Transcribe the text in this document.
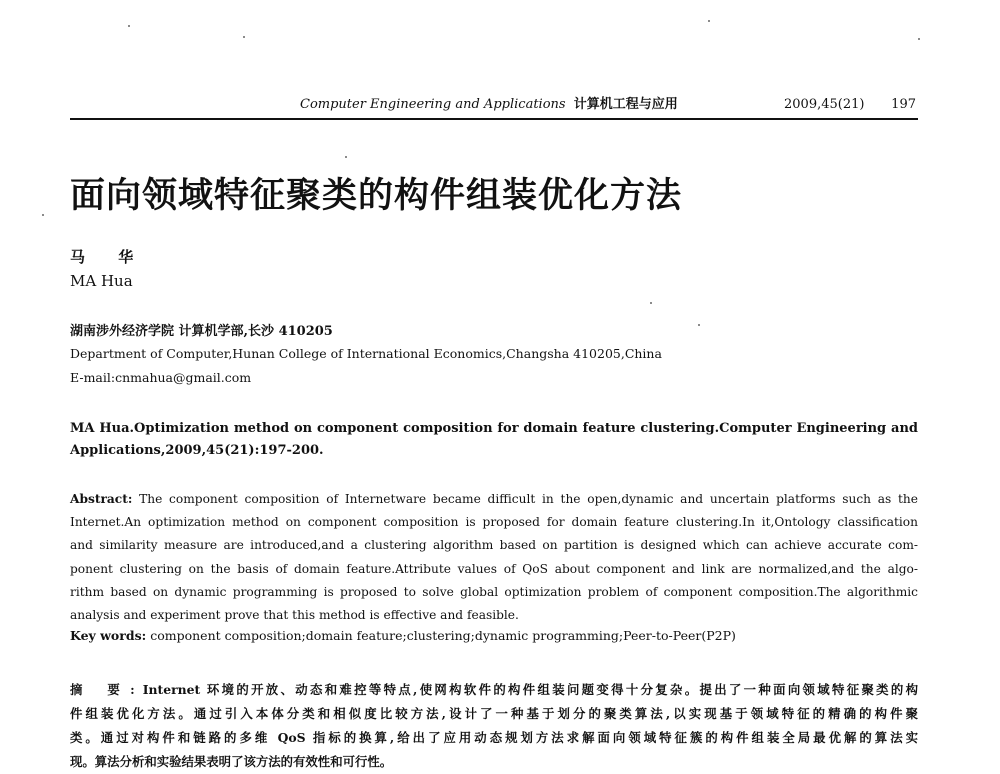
Computer Engineering and Applications 计算机工程与应用	2009,45(21) 197
面向领域特征聚类的构件组装优化方法
马 华
MA Hua
湖南涉外经济学院 计算机学部,长沙 410205
Department of Computer,Hunan College of International Economics,Changsha 410205,China
E-mail:cnmahua@gmail.com
MA Hua.Optimization method on component composition for domain feature clustering.Computer Engineering and
Applications,2009,45(21):197-200.
Abstract: The component composition of Internetware became difficult in the open,dynamic and uncertain platforms such as the
Internet.An optimization method on component composition is proposed for domain feature clustering.In it,Ontology classification
and similarity measure are introduced,and a clustering algorithm based on partition is designed which can achieve accurate com-
ponent clustering on the basis of domain feature.Attribute values of QoS about component and link are normalized,and the algo-
rithm based on dynamic programming is proposed to solve global optimization problem of component composition.The algorithmic
analysis and experiment prove that this method is effective and feasible.
Key words: component composition;domain feature;clustering;dynamic programming;Peer-to-Peer(P2P)
摘 要:Internet 环境的开放、动态和难控等特点,使网构软件的构件组装问题变得十分复杂。提出了一种面向领域特征聚类的构
件组装优化方法。通过引入本体分类和相似度比较方法,设计了一种基于划分的聚类算法,以实现基于领域特征的精确的构件聚
类。通过对构件和链路的多维 QoS 指标的换算,给出了应用动态规划方法求解面向领域特征簇的构件组装全局最优解的算法实
现。算法分析和实验结果表明了该方法的有效性和可行性。
